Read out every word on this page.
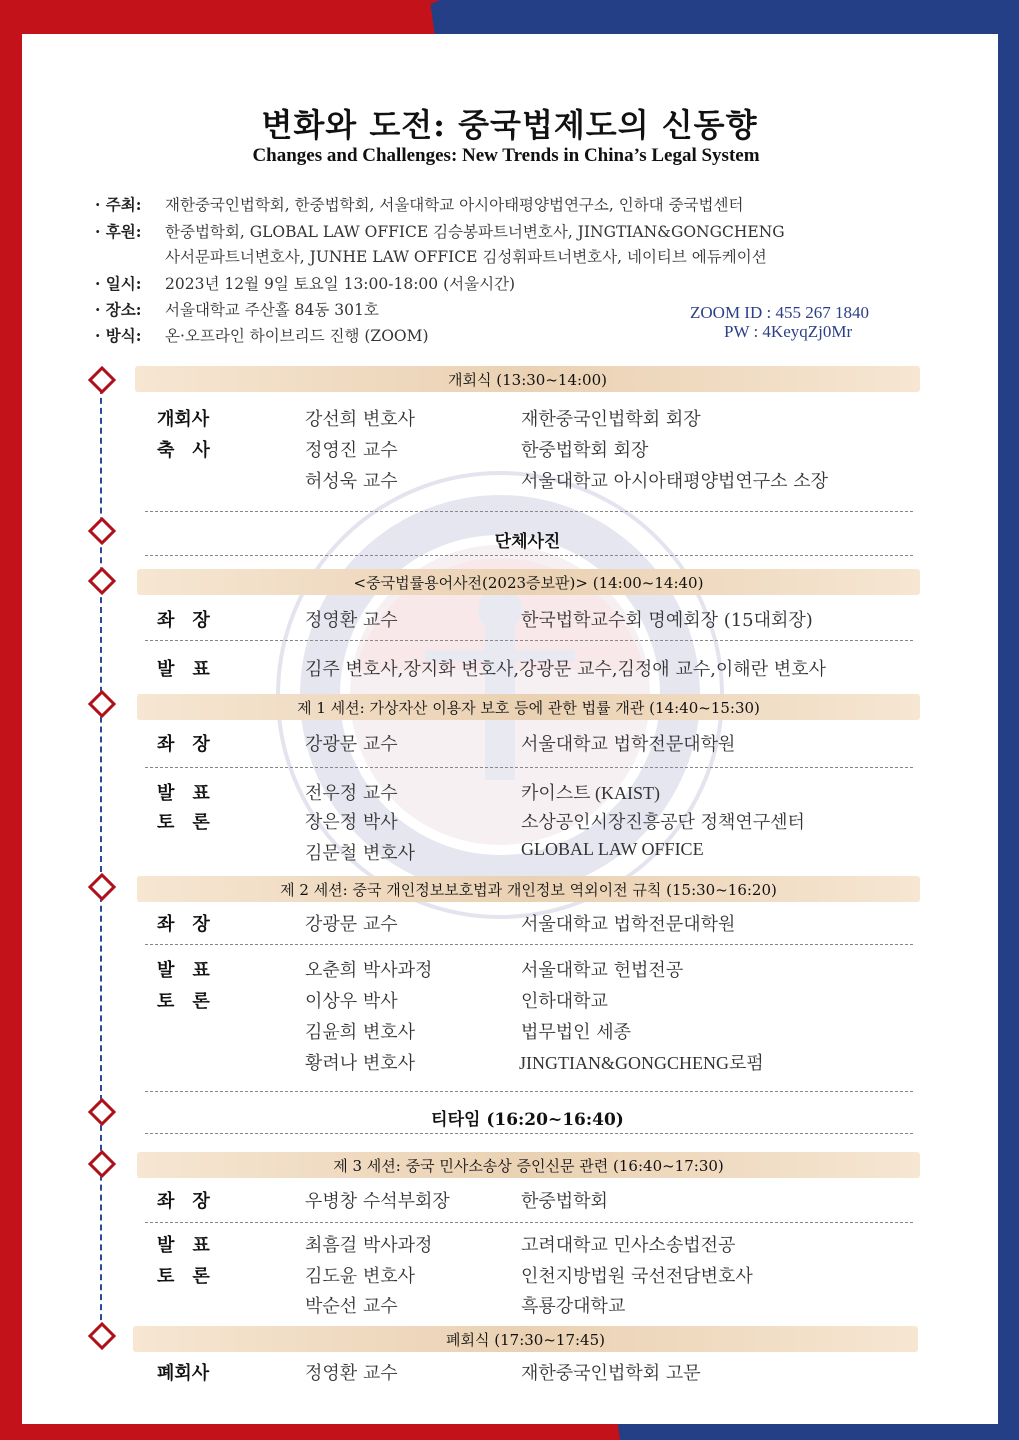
변화와 도전: 중국법제도의 신동향
Changes and Challenges: New Trends in China’s Legal System
· 주최: 재한중국인법학회, 한중법학회, 서울대학교 아시아태평양법연구소, 인하대 중국법센터
· 후원: 한중법학회, GLOBAL LAW OFFICE 김승봉파트너변호사, JINGTIAN&GONGCHENG
사서문파트너변호사, JUNHE LAW OFFICE 김성휘파트너변호사, 네이티브 에듀케이션
· 일시: 2023년 12월 9일 토요일 13:00-18:00 (서울시간)
· 장소: 서울대학교 주산홀 84동 301호
· 방식: 온·오프라인 하이브리드 진행 (ZOOM)
ZOOM ID : 455 267 1840
PW : 4KeyqZj0Mr
개회식 (13:30~14:00)
개회사	강선희 변호사	재한중국인법학회 회장
축　사	정영진 교수	한중법학회 회장
허성욱 교수	서울대학교 아시아태평양법연구소 소장
단체사진
<중국법률용어사전(2023증보판)> (14:00~14:40)
좌　장	정영환 교수	한국법학교수회 명예회장 (15대회장)
발　표	김주 변호사,장지화 변호사,강광문 교수,김정애 교수,이해란 변호사
제 1 세션: 가상자산 이용자 보호 등에 관한 법률 개관 (14:40~15:30)
좌　장	강광문 교수	서울대학교 법학전문대학원
발　표	전우정 교수	카이스트 (KAIST)
토　론	장은정 박사	소상공인시장진흥공단 정책연구센터
김문철 변호사	GLOBAL LAW OFFICE
제 2 세션: 중국 개인정보보호법과 개인정보 역외이전 규칙 (15:30~16:20)
좌　장	강광문 교수	서울대학교 법학전문대학원
발　표	오춘희 박사과정	서울대학교 헌법전공
토　론	이상우 박사	인하대학교
김윤희 변호사	법무법인 세종
황려나 변호사	JINGTIAN&GONGCHENG로펌
티타임 (16:20~16:40)
제 3 세션: 중국 민사소송상 증인신문 관련 (16:40~17:30)
좌　장	우병창 수석부회장	한중법학회
발　표	최흠걸 박사과정	고려대학교 민사소송법전공
토　론	김도윤 변호사	인천지방법원 국선전담변호사
박순선 교수	흑룡강대학교
폐회식 (17:30~17:45)
폐회사	정영환 교수	재한중국인법학회 고문
